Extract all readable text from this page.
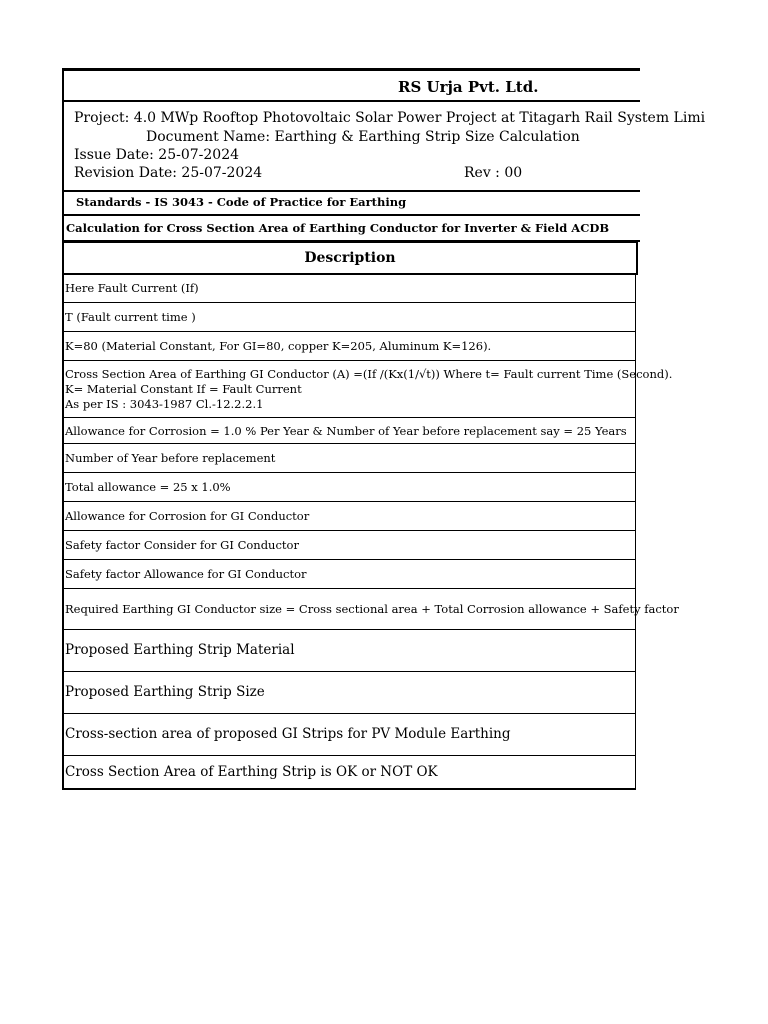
RS Urja Pvt. Ltd.
Project: 4.0 MWp Rooftop Photovoltaic Solar Power Project at Titagarh Rail System Limi
Document Name: Earthing & Earthing Strip Size Calculation
Issue Date: 25-07-2024
Revision Date: 25-07-2024	Rev : 00
Standards - IS 3043 - Code of Practice for Earthing
Calculation for Cross Section Area of Earthing Conductor for Inverter & Field ACDB
Description
Here Fault Current (If)
T (Fault current time )
K=80 (Material Constant, For GI=80, copper K=205, Aluminum K=126).
Cross Section Area of Earthing GI Conductor (A) =(If /(Kx(1/√t)) Where t= Fault current Time (Second).
K= Material Constant If = Fault Current
As per IS : 3043-1987 Cl.-12.2.2.1
Allowance for Corrosion = 1.0 % Per Year & Number of Year before replacement say = 25 Years
Number of Year before replacement
Total allowance = 25 x 1.0%
Allowance for Corrosion for GI Conductor
Safety factor Consider for GI Conductor
Safety factor Allowance for GI Conductor
Required Earthing GI Conductor size = Cross sectional area + Total Corrosion allowance + Safety factor
Proposed Earthing Strip Material
Proposed Earthing Strip Size
Cross-section area of proposed GI Strips for PV Module Earthing
Cross Section Area of Earthing Strip is OK or NOT OK
